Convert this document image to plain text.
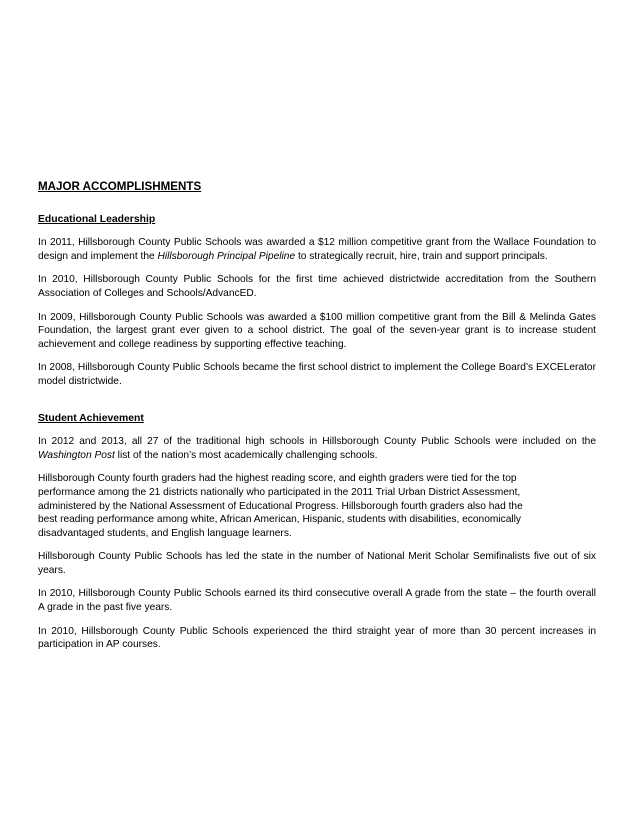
MAJOR ACCOMPLISHMENTS
Educational Leadership

In 2011, Hillsborough County Public Schools was awarded a $12 million competitive grant from the Wallace Foundation to design and implement the Hillsborough Principal Pipeline to strategically recruit, hire, train and support principals.

In 2010, Hillsborough County Public Schools for the first time achieved districtwide accreditation from the Southern Association of Colleges and Schools/AdvancED.

In 2009, Hillsborough County Public Schools was awarded a $100 million competitive grant from the Bill & Melinda Gates Foundation, the largest grant ever given to a school district. The goal of the seven-year grant is to increase student achievement and college readiness by supporting effective teaching.

In 2008, Hillsborough County Public Schools became the first school district to implement the College Board’s EXCELerator model districtwide.

Student Achievement

In 2012 and 2013, all 27 of the traditional high schools in Hillsborough County Public Schools were included on the Washington Post list of the nation’s most academically challenging schools.

Hillsborough County fourth graders had the highest reading score, and eighth graders were tied for the top
performance among the 21 districts nationally who participated in the 2011 Trial Urban District Assessment,
administered by the National Assessment of Educational Progress. Hillsborough fourth graders also had the
best reading performance among white, African American, Hispanic, students with disabilities, economically
disadvantaged students, and English language learners.

Hillsborough County Public Schools has led the state in the number of National Merit Scholar Semifinalists five out of six years.

In 2010, Hillsborough County Public Schools earned its third consecutive overall A grade from the state – the fourth overall A grade in the past five years.

In 2010, Hillsborough County Public Schools experienced the third straight year of more than 30 percent increases in participation in AP courses.
